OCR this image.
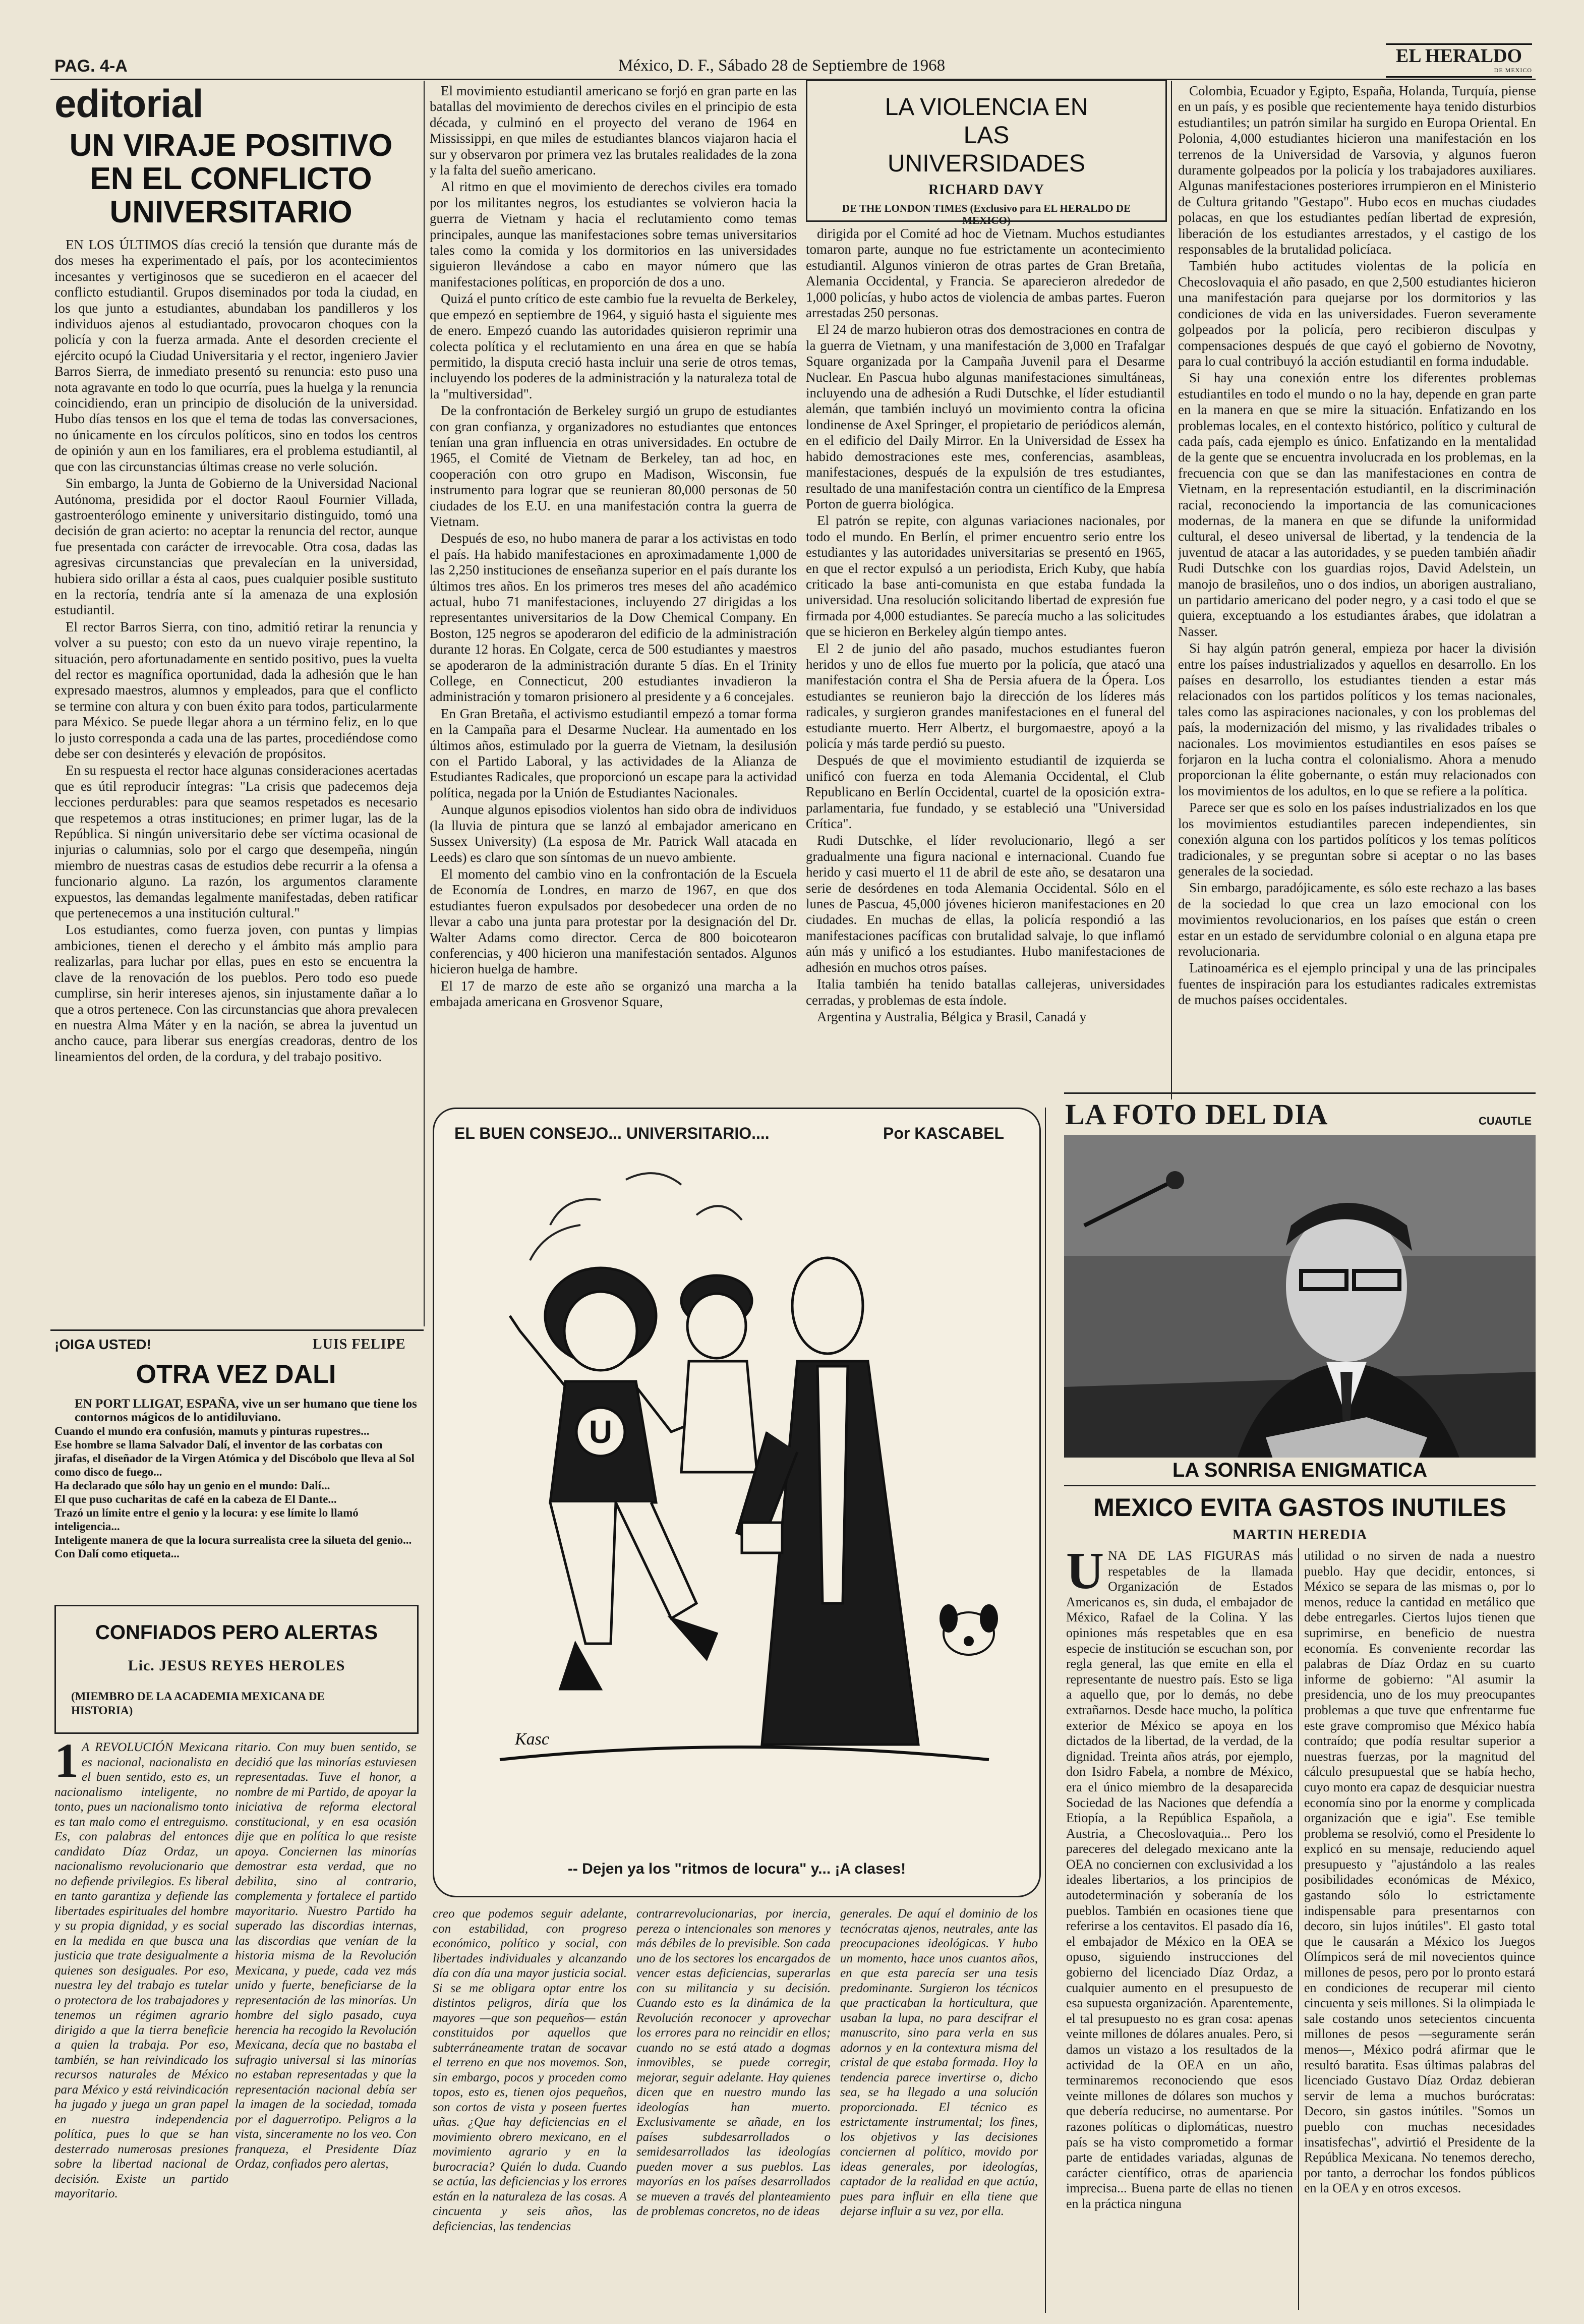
PAG. 4-A	México, D. F., Sábado 28 de Septiembre de 1968	EL HERALDO
DE MEXICO
editorial
UN VIRAJE POSITIVO EN EL CONFLICTO UNIVERSITARIO

EN LOS ÚLTIMOS días creció la tensión que durante más de dos meses ha experimentado el país, por los acontecimientos incesantes y vertiginosos que se sucedieron en el acaecer del conflicto estudiantil. Grupos diseminados por toda la ciudad, en los que junto a estudiantes, abundaban los pandilleros y los individuos ajenos al estudiantado, provocaron choques con la policía y con la fuerza armada. Ante el desorden creciente el ejército ocupó la Ciudad Universitaria y el rector, ingeniero Javier Barros Sierra, de inmediato presentó su renuncia: esto puso una nota agravante en todo lo que ocurría, pues la huelga y la renuncia coincidiendo, eran un principio de disolución de la universidad. Hubo días tensos en los que el tema de todas las conversaciones, no únicamente en los círculos políticos, sino en todos los centros de opinión y aun en los familiares, era el problema estudiantil, al que con las circunstancias últimas crease no verle solución.

Sin embargo, la Junta de Gobierno de la Universidad Nacional Autónoma, presidida por el doctor Raoul Fournier Villada, gastroenterólogo eminente y universitario distinguido, tomó una decisión de gran acierto: no aceptar la renuncia del rector, aunque fue presentada con carácter de irrevocable. Otra cosa, dadas las agresivas circunstancias que prevalecían en la universidad, hubiera sido orillar a ésta al caos, pues cualquier posible sustituto en la rectoría, tendría ante sí la amenaza de una explosión estudiantil.

El rector Barros Sierra, con tino, admitió retirar la renuncia y volver a su puesto; con esto da un nuevo viraje repentino, la situación, pero afortunadamente en sentido positivo, pues la vuelta del rector es magnífica oportunidad, dada la adhesión que le han expresado maestros, alumnos y empleados, para que el conflicto se termine con altura y con buen éxito para todos, particularmente para México. Se puede llegar ahora a un término feliz, en lo que lo justo corresponda a cada una de las partes, procediéndose como debe ser con desinterés y elevación de propósitos.

En su respuesta el rector hace algunas consideraciones acertadas que es útil reproducir íntegras: "La crisis que padecemos deja lecciones perdurables: para que seamos respetados es necesario que respetemos a otras instituciones; en primer lugar, las de la República. Si ningún universitario debe ser víctima ocasional de injurias o calumnias, solo por el cargo que desempeña, ningún miembro de nuestras casas de estudios debe recurrir a la ofensa a funcionario alguno. La razón, los argumentos claramente expuestos, las demandas legalmente manifestadas, deben ratificar que pertenecemos a una institución cultural."

Los estudiantes, como fuerza joven, con puntas y limpias ambiciones, tienen el derecho y el ámbito más amplio para realizarlas, para luchar por ellas, pues en esto se encuentra la clave de la renovación de los pueblos. Pero todo eso puede cumplirse, sin herir intereses ajenos, sin injustamente dañar a lo que a otros pertenece. Con las circunstancias que ahora prevalecen en nuestra Alma Máter y en la nación, se abrea la juventud un ancho cauce, para liberar sus energías creadoras, dentro de los lineamientos del orden, de la cordura, y del trabajo positivo.

El movimiento estudiantil americano se forjó en gran parte en las batallas del movimiento de derechos civiles en el principio de esta década, y culminó en el proyecto del verano de 1964 en Mississippi, en que miles de estudiantes blancos viajaron hacia el sur y observaron por primera vez las brutales realidades de la zona y la falta del sueño americano.

Al ritmo en que el movimiento de derechos civiles era tomado por los militantes negros, los estudiantes se volvieron hacia la guerra de Vietnam y hacia el reclutamiento como temas principales, aunque las manifestaciones sobre temas universitarios tales como la comida y los dormitorios en las universidades siguieron llevándose a cabo en mayor número que las manifestaciones políticas, en proporción de dos a uno.

Quizá el punto crítico de este cambio fue la revuelta de Berkeley, que empezó en septiembre de 1964, y siguió hasta el siguiente mes de enero. Empezó cuando las autoridades quisieron reprimir una colecta política y el reclutamiento en una área en que se había permitido, la disputa creció hasta incluir una serie de otros temas, incluyendo los poderes de la administración y la naturaleza total de la "multiversidad".

De la confrontación de Berkeley surgió un grupo de estudiantes con gran confianza, y organizadores no estudiantes que entonces tenían una gran influencia en otras universidades. En octubre de 1965, el Comité de Vietnam de Berkeley, tan ad hoc, en cooperación con otro grupo en Madison, Wisconsin, fue instrumento para lograr que se reunieran 80,000 personas de 50 ciudades de los E.U. en una manifestación contra la guerra de Vietnam.

Después de eso, no hubo manera de parar a los activistas en todo el país. Ha habido manifestaciones en aproximadamente 1,000 de las 2,250 instituciones de enseñanza superior en el país durante los últimos tres años. En los primeros tres meses del año académico actual, hubo 71 manifestaciones, incluyendo 27 dirigidas a los representantes universitarios de la Dow Chemical Company. En Boston, 125 negros se apoderaron del edificio de la administración durante 12 horas. En Colgate, cerca de 500 estudiantes y maestros se apoderaron de la administración durante 5 días. En el Trinity College, en Connecticut, 200 estudiantes invadieron la administración y tomaron prisionero al presidente y a 6 concejales.

En Gran Bretaña, el activismo estudiantil empezó a tomar forma en la Campaña para el Desarme Nuclear. Ha aumentado en los últimos años, estimulado por la guerra de Vietnam, la desilusión con el Partido Laboral, y las actividades de la Alianza de Estudiantes Radicales, que proporcionó un escape para la actividad política, negada por la Unión de Estudiantes Nacionales.

Aunque algunos episodios violentos han sido obra de individuos (la lluvia de pintura que se lanzó al embajador americano en Sussex University) (La esposa de Mr. Patrick Wall atacada en Leeds) es claro que son síntomas de un nuevo ambiente.

El momento del cambio vino en la confrontación de la Escuela de Economía de Londres, en marzo de 1967, en que dos estudiantes fueron expulsados por desobedecer una orden de no llevar a cabo una junta para protestar por la designación del Dr. Walter Adams como director. Cerca de 800 boicotearon conferencias, y 400 hicieron una manifestación sentados. Algunos hicieron huelga de hambre.

El 17 de marzo de este año se organizó una marcha a la embajada americana en Grosvenor Square,

LA VIOLENCIA EN LAS UNIVERSIDADES
RICHARD DAVY
DE THE LONDON TIMES (Exclusivo para EL HERALDO DE MEXICO)

dirigida por el Comité ad hoc de Vietnam. Muchos estudiantes tomaron parte, aunque no fue estrictamente un acontecimiento estudiantil. Algunos vinieron de otras partes de Gran Bretaña, Alemania Occidental, y Francia. Se aparecieron alrededor de 1,000 policías, y hubo actos de violencia de ambas partes. Fueron arrestadas 250 personas.

El 24 de marzo hubieron otras dos demostraciones en contra de la guerra de Vietnam, y una manifestación de 3,000 en Trafalgar Square organizada por la Campaña Juvenil para el Desarme Nuclear. En Pascua hubo algunas manifestaciones simultáneas, incluyendo una de adhesión a Rudi Dutschke, el líder estudiantil alemán, que también incluyó un movimiento contra la oficina londinense de Axel Springer, el propietario de periódicos alemán, en el edificio del Daily Mirror. En la Universidad de Essex ha habido demostraciones este mes, conferencias, asambleas, manifestaciones, después de la expulsión de tres estudiantes, resultado de una manifestación contra un científico de la Empresa Porton de guerra biológica.

El patrón se repite, con algunas variaciones nacionales, por todo el mundo. En Berlín, el primer encuentro serio entre los estudiantes y las autoridades universitarias se presentó en 1965, en que el rector expulsó a un periodista, Erich Kuby, que había criticado la base anti-comunista en que estaba fundada la universidad. Una resolución solicitando libertad de expresión fue firmada por 4,000 estudiantes. Se parecía mucho a las solicitudes que se hicieron en Berkeley algún tiempo antes.

El 2 de junio del año pasado, muchos estudiantes fueron heridos y uno de ellos fue muerto por la policía, que atacó una manifestación contra el Sha de Persia afuera de la Ópera. Los estudiantes se reunieron bajo la dirección de los líderes más radicales, y surgieron grandes manifestaciones en el funeral del estudiante muerto. Herr Albertz, el burgomaestre, apoyó a la policía y más tarde perdió su puesto.

Después de que el movimiento estudiantil de izquierda se unificó con fuerza en toda Alemania Occidental, el Club Republicano en Berlín Occidental, cuartel de la oposición extra-parlamentaria, fue fundado, y se estableció una "Universidad Crítica".

Rudi Dutschke, el líder revolucionario, llegó a ser gradualmente una figura nacional e internacional. Cuando fue herido y casi muerto el 11 de abril de este año, se desataron una serie de desórdenes en toda Alemania Occidental. Sólo en el lunes de Pascua, 45,000 jóvenes hicieron manifestaciones en 20 ciudades. En muchas de ellas, la policía respondió a las manifestaciones pacíficas con brutalidad salvaje, lo que inflamó aún más y unificó a los estudiantes. Hubo manifestaciones de adhesión en muchos otros países.

Italia también ha tenido batallas callejeras, universidades cerradas, y problemas de esta índole.

Argentina y Australia, Bélgica y Brasil, Canadá y

Colombia, Ecuador y Egipto, España, Holanda, Turquía, piense en un país, y es posible que recientemente haya tenido disturbios estudiantiles; un patrón similar ha surgido en Europa Oriental. En Polonia, 4,000 estudiantes hicieron una manifestación en los terrenos de la Universidad de Varsovia, y algunos fueron duramente golpeados por la policía y los trabajadores auxiliares. Algunas manifestaciones posteriores irrumpieron en el Ministerio de Cultura gritando "Gestapo". Hubo ecos en muchas ciudades polacas, en que los estudiantes pedían libertad de expresión, liberación de los estudiantes arrestados, y el castigo de los responsables de la brutalidad policíaca.

También hubo actitudes violentas de la policía en Checoslovaquia el año pasado, en que 2,500 estudiantes hicieron una manifestación para quejarse por los dormitorios y las condiciones de vida en las universidades. Fueron severamente golpeados por la policía, pero recibieron disculpas y compensaciones después de que cayó el gobierno de Novotny, para lo cual contribuyó la acción estudiantil en forma indudable.

Si hay una conexión entre los diferentes problemas estudiantiles en todo el mundo o no la hay, depende en gran parte en la manera en que se mire la situación. Enfatizando en los problemas locales, en el contexto histórico, político y cultural de cada país, cada ejemplo es único. Enfatizando en la mentalidad de la gente que se encuentra involucrada en los problemas, en la frecuencia con que se dan las manifestaciones en contra de Vietnam, en la representación estudiantil, en la discriminación racial, reconociendo la importancia de las comunicaciones modernas, de la manera en que se difunde la uniformidad cultural, el deseo universal de libertad, y la tendencia de la juventud de atacar a las autoridades, y se pueden también añadir Rudi Dutschke con los guardias rojos, David Adelstein, un manojo de brasileños, uno o dos indios, un aborigen australiano, un partidario americano del poder negro, y a casi todo el que se quiera, exceptuando a los estudiantes árabes, que idolatran a Nasser.

Si hay algún patrón general, empieza por hacer la división entre los países industrializados y aquellos en desarrollo. En los países en desarrollo, los estudiantes tienden a estar más relacionados con los partidos políticos y los temas nacionales, tales como las aspiraciones nacionales, y con los problemas del país, la modernización del mismo, y las rivalidades tribales o nacionales. Los movimientos estudiantiles en esos países se forjaron en la lucha contra el colonialismo. Ahora a menudo proporcionan la élite gobernante, o están muy relacionados con los movimientos de los adultos, en lo que se refiere a la política.

Parece ser que es solo en los países industrializados en los que los movimientos estudiantiles parecen independientes, sin conexión alguna con los partidos políticos y los temas políticos tradicionales, y se preguntan sobre si aceptar o no las bases generales de la sociedad.

Sin embargo, paradójicamente, es sólo este rechazo a las bases de la sociedad lo que crea un lazo emocional con los movimientos revolucionarios, en los países que están o creen estar en un estado de servidumbre colonial o en alguna etapa pre revolucionaria.

Latinoamérica es el ejemplo principal y una de las principales fuentes de inspiración para los estudiantes radicales extremistas de muchos países occidentales.

EL BUEN CONSEJO... UNIVERSITARIO....	Por KASCABEL
U
Kasc
-- Dejen ya los "ritmos de locura" y... ¡A clases!
LA FOTO DEL DIA	CUAUTLE
LA SONRISA ENIGMATICA
MEXICO EVITA GASTOS INUTILES
MARTIN HEREDIA
U NA DE LAS FIGURAS más respetables de la llamada Organización de Estados Americanos es, sin duda, el embajador de México, Rafael de la Colina. Y las opiniones más respetables que en esa especie de institución se escuchan son, por regla general, las que emite en ella el representante de nuestro país. Esto se liga a aquello que, por lo demás, no debe extrañarnos. Desde hace mucho, la política exterior de México se apoya en los dictados de la libertad, de la verdad, de la dignidad. Treinta años atrás, por ejemplo, don Isidro Fabela, a nombre de México, era el único miembro de la desaparecida Sociedad de las Naciones que defendía a Etiopía, a la República Española, a Austria, a Checoslovaquia... Pero los pareceres del delegado mexicano ante la OEA no conciernen con exclusividad a los ideales libertarios, a los principios de autodeterminación y soberanía de los pueblos. También en ocasiones tiene que referirse a los centavitos. El pasado día 16, el embajador de México en la OEA se opuso, siguiendo instrucciones del gobierno del licenciado Díaz Ordaz, a cualquier aumento en el presupuesto de esa supuesta organización. Aparentemente, el tal presupuesto no es gran cosa: apenas veinte millones de dólares anuales. Pero, si damos un vistazo a los resultados de la actividad de la OEA en un año, terminaremos reconociendo que esos veinte millones de dólares son muchos y que debería reducirse, no aumentarse. Por razones políticas o diplomáticas, nuestro país se ha visto comprometido a formar parte de entidades variadas, algunas de carácter científico, otras de apariencia imprecisa... Buena parte de ellas no tienen en la práctica ninguna
utilidad o no sirven de nada a nuestro pueblo. Hay que decidir, entonces, si México se separa de las mismas o, por lo menos, reduce la cantidad en metálico que debe entregarles. Ciertos lujos tienen que suprimirse, en beneficio de nuestra economía. Es conveniente recordar las palabras de Díaz Ordaz en su cuarto informe de gobierno: "Al asumir la presidencia, uno de los muy preocupantes problemas a que tuve que enfrentarme fue este grave compromiso que México había contraído; que podía resultar superior a nuestras fuerzas, por la magnitud del cálculo presupuestal que se había hecho, cuyo monto era capaz de desquiciar nuestra economía sino por la enorme y complicada organización que e igia". Ese temible problema se resolvió, como el Presidente lo explicó en su mensaje, reduciendo aquel presupuesto y "ajustándolo a las reales posibilidades económicas de México, gastando sólo lo estrictamente indispensable para presentarnos con decoro, sin lujos inútiles". El gasto total que le causarán a México los Juegos Olímpicos será de mil novecientos quince millones de pesos, pero por lo pronto estará en condiciones de recuperar mil ciento cincuenta y seis millones. Si la olimpiada le sale costando unos setecientos cincuenta millones de pesos —seguramente serán menos—, México podrá afirmar que le resultó baratita. Esas últimas palabras del licenciado Gustavo Díaz Ordaz debieran servir de lema a muchos burócratas: Decoro, sin gastos inútiles. "Somos un pueblo con muchas necesidades insatisfechas", advirtió el Presidente de la República Mexicana. No tenemos derecho, por tanto, a derrochar los fondos públicos en la OEA y en otros excesos.
¡OIGA USTED!	LUIS FELIPE
OTRA VEZ DALI
EN PORT LLIGAT, ESPAÑA, vive un ser humano que tiene los contornos mágicos de lo antidiluviano.
Cuando el mundo era confusión, mamuts y pinturas rupestres...
Ese hombre se llama Salvador Dalí, el inventor de las corbatas con jirafas, el diseñador de la Virgen Atómica y del Discóbolo que lleva al Sol como disco de fuego...
Ha declarado que sólo hay un genio en el mundo: Dalí...
El que puso cucharitas de café en la cabeza de El Dante...
Trazó un límite entre el genio y la locura: y ese límite lo llamó inteligencia...
Inteligente manera de que la locura surrealista cree la silueta del genio... Con Dalí como etiqueta...
CONFIADOS PERO ALERTAS
Lic. JESUS REYES HEROLES
(MIEMBRO DE LA ACADEMIA MEXICANA DE HISTORIA)
1 A REVOLUCIÓN Mexicana es nacional, nacionalista en el buen sentido, esto es, un nacionalismo inteligente, no tonto, pues un nacionalismo tonto es tan malo como el entreguismo. Es, con palabras del entonces candidato Díaz Ordaz, un nacionalismo revolucionario que no defiende privilegios. Es liberal en tanto garantiza y defiende las libertades espirituales del hombre y su propia dignidad, y es social en la medida en que busca una justicia que trate desigualmente a quienes son desiguales. Por eso, nuestra ley del trabajo es tutelar o protectora de los trabajadores y tenemos un régimen agrario dirigido a que la tierra beneficie a quien la trabaja. Por eso, también, se han reivindicado los recursos naturales de México para México y está reivindicación ha jugado y juega un gran papel en nuestra independencia política, pues lo que se han desterrado numerosas presiones sobre la libertad nacional de decisión. Existe un partido mayoritario.
ritario. Con muy buen sentido, se decidió que las minorías estuviesen representadas. Tuve el honor, a nombre de mi Partido, de apoyar la iniciativa de reforma electoral constitucional, y en esa ocasión dije que en política lo que resiste apoya. Conciernen las minorías demostrar esta verdad, que no debilita, sino al contrario, complementa y fortalece el partido mayoritario. Nuestro Partido ha superado las discordias internas, las discordias que venían de la historia misma de la Revolución Mexicana, y puede, cada vez más unido y fuerte, beneficiarse de la representación de las minorías. Un hombre del siglo pasado, cuya herencia ha recogido la Revolución Mexicana, decía que no bastaba el sufragio universal si las minorías no estaban representadas y que la representación nacional debía ser la imagen de la sociedad, tomada por el daguerrotipo. Peligros a la vista, sinceramente no los veo. Con franqueza, el Presidente Díaz Ordaz, confiados pero alertas,
creo que podemos seguir adelante, con estabilidad, con progreso económico, político y social, con libertades individuales y alcanzando día con día una mayor justicia social. Si se me obligara optar entre los distintos peligros, diría que los mayores —que son pequeños— están constituidos por aquellos que subterráneamente tratan de socavar el terreno en que nos movemos. Son, sin embargo, pocos y proceden como topos, esto es, tienen ojos pequeños, son cortos de vista y poseen fuertes uñas. ¿Que hay deficiencias en el movimiento obrero mexicano, en el movimiento agrario y en la burocracia? Quién lo duda. Cuando se actúa, las deficiencias y los errores están en la naturaleza de las cosas. A cincuenta y seis años, las deficiencias, las tendencias
contrarrevolucionarias, por inercia, pereza o intencionales son menores y más débiles de lo previsible. Son cada uno de los sectores los encargados de vencer estas deficiencias, superarlas con su militancia y su decisión. Cuando esto es la dinámica de la Revolución reconocer y aprovechar los errores para no reincidir en ellos; cuando no se está atado a dogmas inmovibles, se puede corregir, mejorar, seguir adelante. Hay quienes dicen que en nuestro mundo las ideologías han muerto. Exclusivamente se añade, en los países subdesarrollados o semidesarrollados las ideologías pueden mover a sus pueblos. Las mayorías en los países desarrollados se mueven a través del planteamiento de problemas concretos, no de ideas
generales. De aquí el dominio de los tecnócratas ajenos, neutrales, ante las preocupaciones ideológicas. Y hubo un momento, hace unos cuantos años, en que esta parecía ser una tesis predominante. Surgieron los técnicos que practicaban la horticultura, que usaban la lupa, no para descifrar el manuscrito, sino para verla en sus adornos y en la contextura misma del cristal de que estaba formada. Hoy la tendencia parece invertirse o, dicho sea, se ha llegado a una solución proporcionada. El técnico es estrictamente instrumental; los fines, los objetivos y las decisiones conciernen al político, movido por ideas generales, por ideologías, captador de la realidad en que actúa, pues para influir en ella tiene que dejarse influir a su vez, por ella.
